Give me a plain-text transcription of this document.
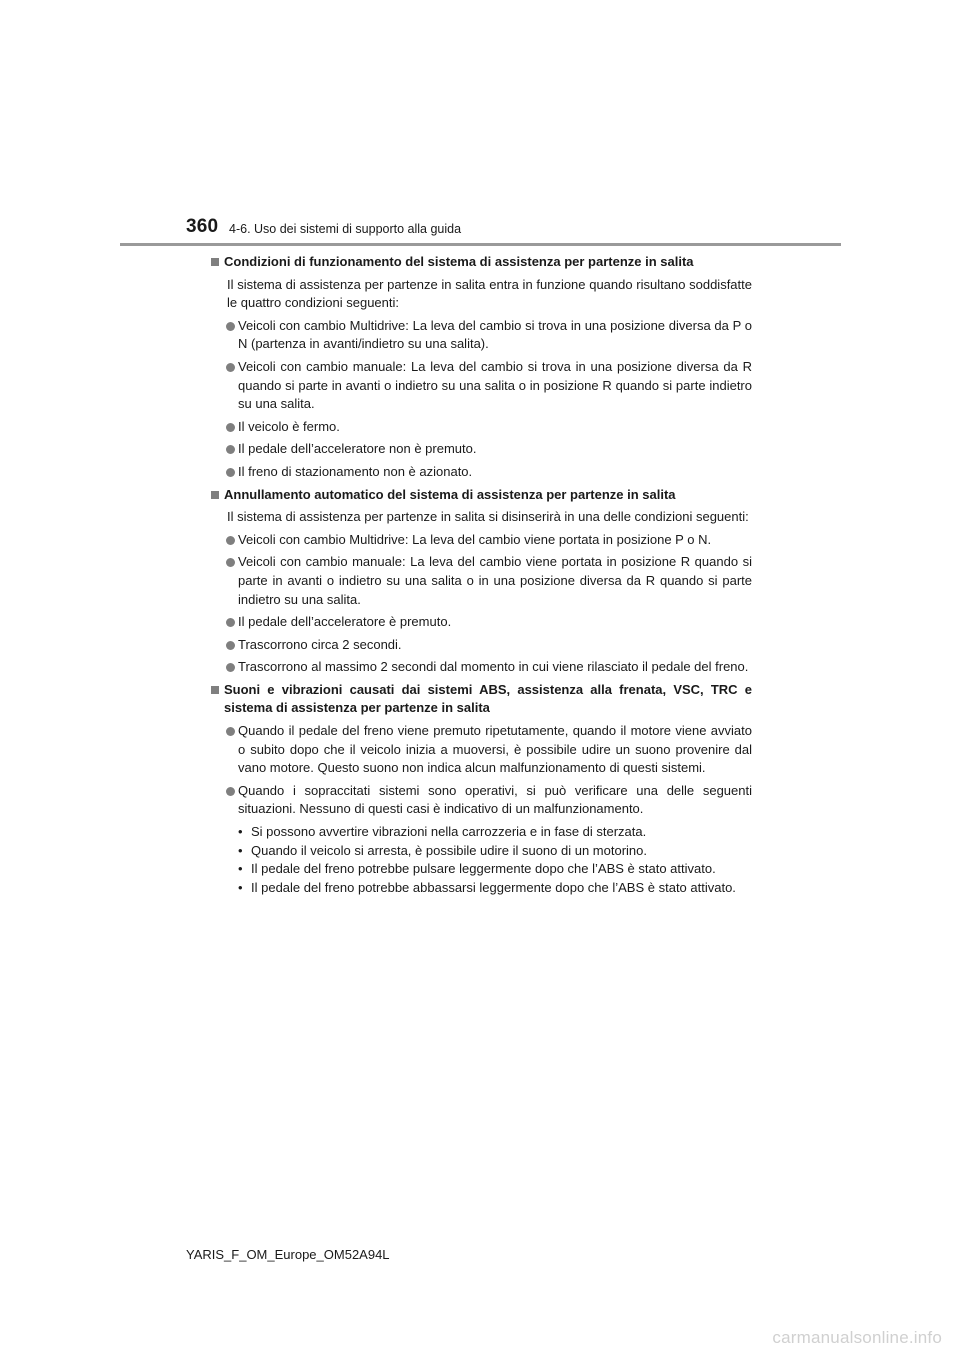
360 4-6. Uso dei sistemi di supporto alla guida
Condizioni di funzionamento del sistema di assistenza per partenze in salita
Il sistema di assistenza per partenze in salita entra in funzione quando risultano soddisfatte le quattro condizioni seguenti:
Veicoli con cambio Multidrive: La leva del cambio si trova in una posizione diversa da P o N (partenza in avanti/indietro su una salita).
Veicoli con cambio manuale: La leva del cambio si trova in una posizione diversa da R quando si parte in avanti o indietro su una salita o in posizione R quando si parte indietro su una salita.
Il veicolo è fermo.
Il pedale dell’acceleratore non è premuto.
Il freno di stazionamento non è azionato.
Annullamento automatico del sistema di assistenza per partenze in salita
Il sistema di assistenza per partenze in salita si disinserirà in una delle condizioni seguenti:
Veicoli con cambio Multidrive: La leva del cambio viene portata in posizione P o N.
Veicoli con cambio manuale: La leva del cambio viene portata in posizione R quando si parte in avanti o indietro su una salita o in una posizione diversa da R quando si parte indietro su una salita.
Il pedale dell’acceleratore è premuto.
Trascorrono circa 2 secondi.
Trascorrono al massimo 2 secondi dal momento in cui viene rilasciato il pedale del freno.
Suoni e vibrazioni causati dai sistemi ABS, assistenza alla frenata, VSC, TRC e sistema di assistenza per partenze in salita
Quando il pedale del freno viene premuto ripetutamente, quando il motore viene avviato o subito dopo che il veicolo inizia a muoversi, è possibile udire un suono provenire dal vano motore. Questo suono non indica alcun malfunzionamento di questi sistemi.
Quando i sopraccitati sistemi sono operativi, si può verificare una delle seguenti situazioni. Nessuno di questi casi è indicativo di un malfunzionamento.
• Si possono avvertire vibrazioni nella carrozzeria e in fase di sterzata.
• Quando il veicolo si arresta, è possibile udire il suono di un motorino.
• Il pedale del freno potrebbe pulsare leggermente dopo che l’ABS è stato attivato.
• Il pedale del freno potrebbe abbassarsi leggermente dopo che l’ABS è stato attivato.
YARIS_F_OM_Europe_OM52A94L
carmanualsonline.info
